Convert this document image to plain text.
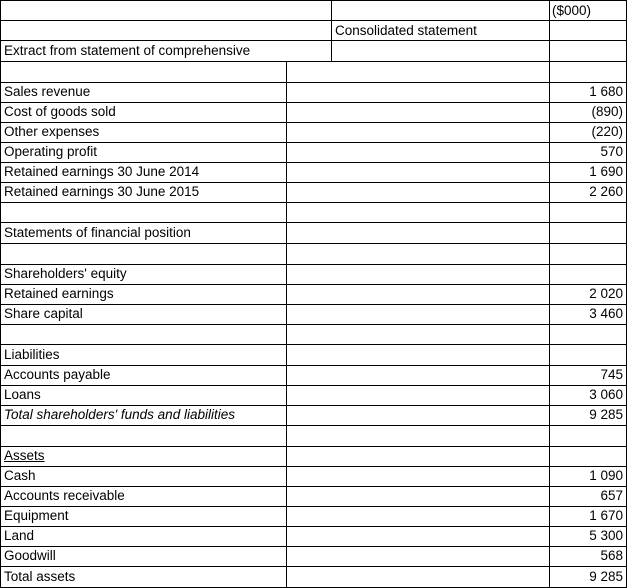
($000)
Consolidated statement
Extract from statement of comprehensive
Sales revenue	1 680
Cost of goods sold	(890)
Other expenses	(220)
Operating profit	570
Retained earnings 30 June 2014	1 690
Retained earnings 30 June 2015	2 260
Statements of financial position
Shareholders' equity
Retained earnings	2 020
Share capital	3 460
Liabilities
Accounts payable	745
Loans	3 060
Total shareholders' funds and liabilities	9 285
Assets
Cash	1 090
Accounts receivable	657
Equipment	1 670
Land	5 300
Goodwill	568
Total assets	9 285
